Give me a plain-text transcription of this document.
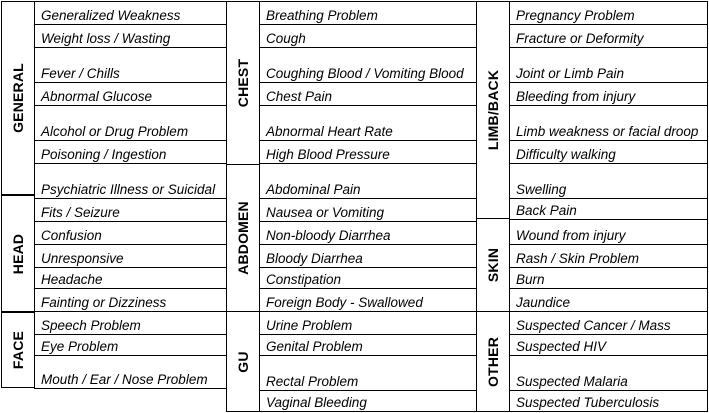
GENERAL
HEAD
FACE
Generalized Weakness
Weight loss / Wasting
Fever / Chills
Abnormal Glucose
Alcohol or Drug Problem
Poisoning / Ingestion
Psychiatric Illness or Suicidal
Fits / Seizure
Confusion
Unresponsive
Headache
Fainting or Dizziness
Speech Problem
Eye Problem
Mouth / Ear / Nose Problem
CHEST
ABDOMEN
GU
Breathing Problem
Cough
Coughing Blood / Vomiting Blood
Chest Pain
Abnormal Heart Rate
High Blood Pressure
Abdominal Pain
Nausea or Vomiting
Non-bloody Diarrhea
Bloody Diarrhea
Constipation
Foreign Body - Swallowed
Urine Problem
Genital Problem
Rectal Problem
Vaginal Bleeding
LIMB/BACK
SKIN
OTHER
Pregnancy Problem
Fracture or Deformity
Joint or Limb Pain
Bleeding from injury
Limb weakness or facial droop
Difficulty walking
Swelling
Back Pain
Wound from injury
Rash / Skin Problem
Burn
Jaundice
Suspected Cancer / Mass
Suspected HIV
Suspected Malaria
Suspected Tuberculosis
